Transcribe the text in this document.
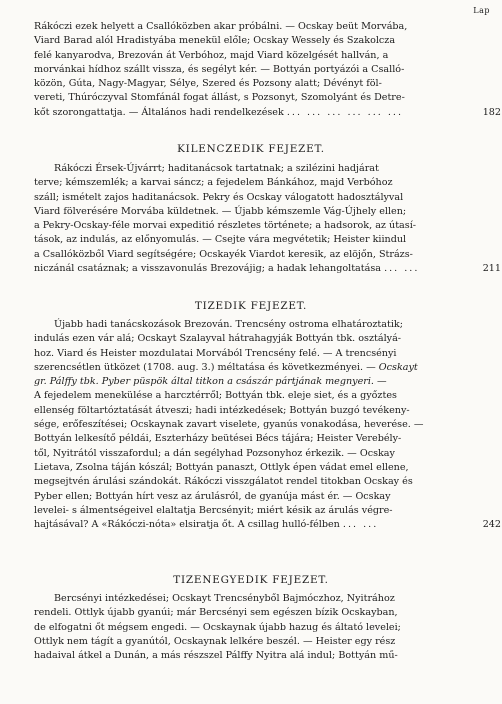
Lap
Rákóczi ezek helyett a Csallóközben akar próbálni. — Ocskay beüt Morvába,
Viard Barad alól Hradistyába menekül előle; Ocskay Wessely és Szakolcza
felé kanyarodva, Brezován át Verbóhoz, majd Viard közelgését hallván, a
morvánkai hídhoz szállt vissza, és segélyt kér. — Bottyán portyázói a Csalló-
közön, Gúta, Nagy-Magyar, Sélye, Szered és Pozsony alatt; Dévényt föl-
vereti, Thúróczyval Stomfánál fogat állást, s Pozsonyt, Szomolyánt és Detre-
kőt szorongattatja. — Általános hadi rendelkezések ... ... ... ... ... ...	182
KILENCZEDIK FEJEZET.
Rákóczi Érsek-Újvárrt; haditanácsok tartatnak; a szilézini hadjárat
terve; kémszemlék; a karvai sáncz; a fejedelem Bánkához, majd Verbóhoz
száll; ismételt zajos haditanácsok. Pekry és Ocskay válogatott hadosztályval
Viard fölverésére Morvába küldetnek. — Újabb kémszemle Vág-Újhely ellen;
a Pekry-Ocskay-féle morvai expeditió részletes története; a hadsorok, az útasí-
tások, az indulás, az előnyomulás. — Csejte vára megvétetik; Heister kiindul
a Csallóközből Viard segítségére; Ocskayék Viardot keresik, az elöjőn, Strázs-
niczánál csatáznak; a visszavonulás Brezovájig; a hadak lehangoltatása ... ...	211
TIZEDIK FEJEZET.
Újabb hadi tanácskozások Brezován. Trencsény ostroma elhatároztatik;
indulás ezen vár alá; Ocskayt Szalayval hátrahagyják Bottyán tbk. osztályá-
hoz. Viard és Heister mozdulatai Morvából Trencsény felé. — A trencsényi
szerencsétlen ütközet (1708. aug. 3.) méltatása és következményei. — Ocskayt
gr. Pálffy tbk. Pyber püspök által titkon a császár pártjának megnyeri. —
A fejedelem menekülése a harcztérről; Bottyán tbk. eleje siet, és a győztes
ellenség föltartóztatását átveszi; hadi intézkedések; Bottyán buzgó tevékeny-
sége, erőfeszítései; Ocskaynak zavart viselete, gyanús vonakodása, heverése. —
Bottyán lelkesítő példái, Eszterházy beütései Bécs tájára; Heister Verebély-
től, Nyitrától visszafordul; a dán segélyhad Pozsonyhoz érkezik. — Ocskay
Lietava, Zsolna táján kószál; Bottyán panaszt, Ottlyk épen vádat emel ellene,
megsejtvén árulási szándokát. Rákóczi visszgálatot rendel titokban Ocskay és
Pyber ellen; Bottyán hírt vesz az árulásról, de gyanúja mást ér. — Ocskay
levelei- s álmentségeivel elaltatja Bercsényit; miért késik az árulás végre-
hajtásával? A «Rákóczi-nóta» elsiratja őt. A csillag hulló-félben ... ...	242
TIZENEGYEDIK FEJEZET.
Bercsényi intézkedései; Ocskayt Trencsényből Bajmóczhoz, Nyitrához
rendeli. Ottlyk újabb gyanúi; már Bercsényi sem egészen bízik Ocskayban,
de elfogatni őt mégsem engedi. — Ocskaynak újabb hazug és áltató levelei;
Ottlyk nem tágít a gyanútól, Ocskaynak lelkére beszél. — Heister egy rész
hadaival átkel a Dunán, a más részszel Pálffy Nyitra alá indul; Bottyán mű-
